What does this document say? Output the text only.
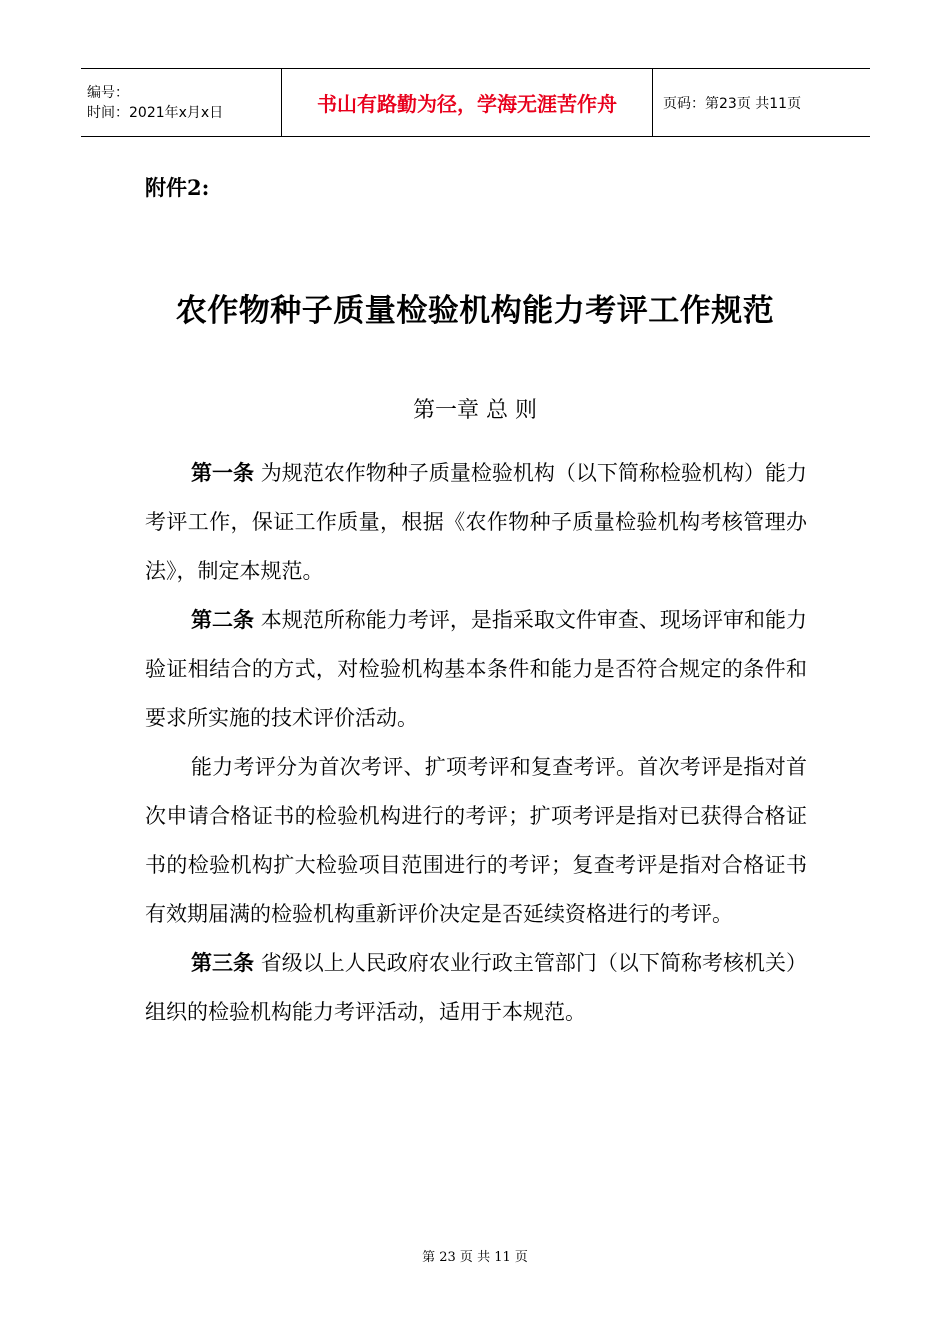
编号：
时间：2021年x月x日	书山有路勤为径，学海无涯苦作舟	页码：第23页 共11页
附件2:
农作物种子质量检验机构能力考评工作规范
第一章 总 则

第一条 为规范农作物种子质量检验机构（以下简称检验机构）能力考评工作，保证工作质量，根据《农作物种子质量检验机构考核管理办法》，制定本规范。

第二条 本规范所称能力考评，是指采取文件审查、现场评审和能力验证相结合的方式，对检验机构基本条件和能力是否符合规定的条件和要求所实施的技术评价活动。

能力考评分为首次考评、扩项考评和复查考评。首次考评是指对首次申请合格证书的检验机构进行的考评；扩项考评是指对已获得合格证书的检验机构扩大检验项目范围进行的考评；复查考评是指对合格证书有效期届满的检验机构重新评价决定是否延续资格进行的考评。

第三条 省级以上人民政府农业行政主管部门（以下简称考核机关）组织的检验机构能力考评活动，适用于本规范。

第 23 页 共 11 页
